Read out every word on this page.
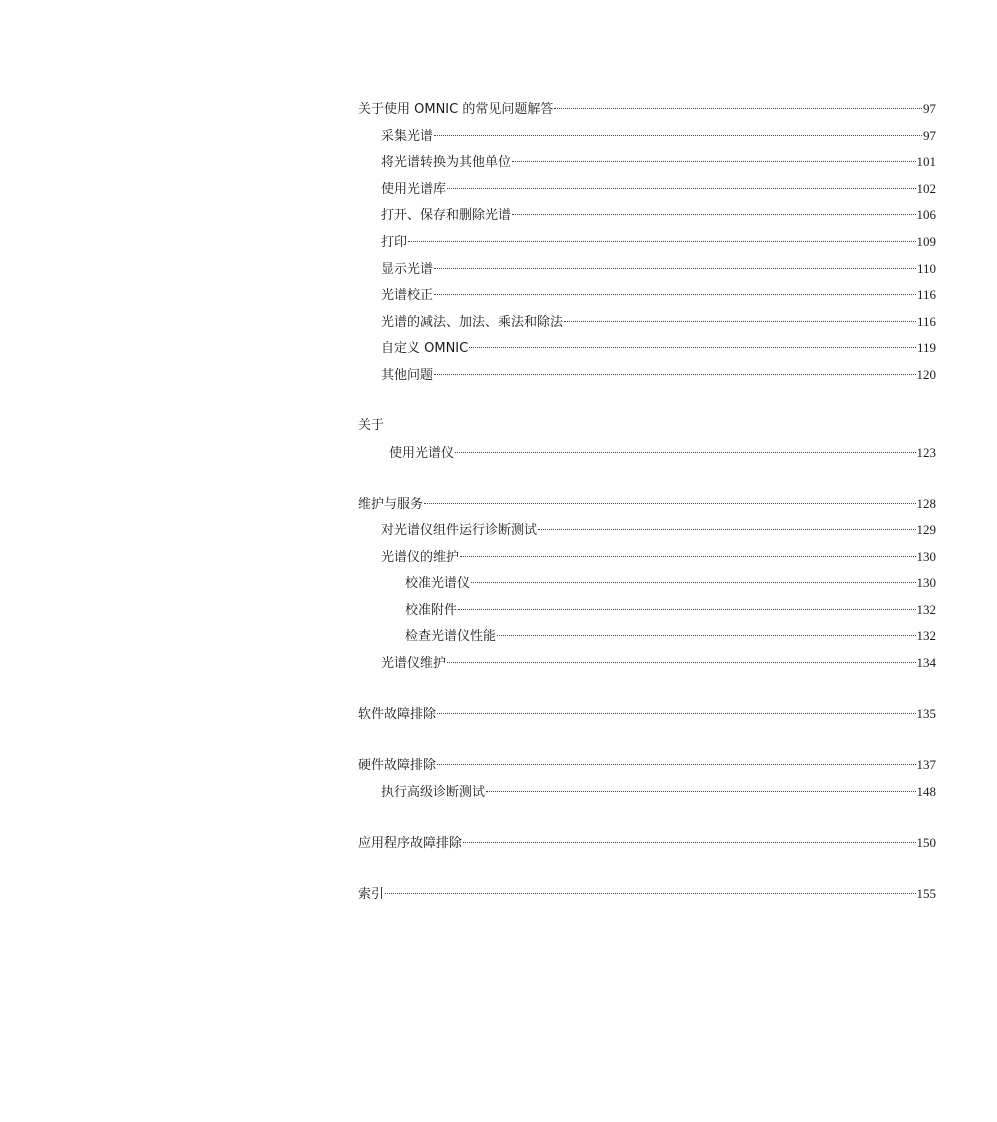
关于使用 OMNIC 的常见问题解答	97
采集光谱	97
将光谱转换为其他单位	101
使用光谱库	102
打开、保存和删除光谱	106
打印	109
显示光谱	110
光谱校正	116
光谱的减法、加法、乘法和除法	116
自定义 OMNIC	119
其他问题	120
关于
使用光谱仪	123
维护与服务	128
对光谱仪组件运行诊断测试	129
光谱仪的维护	130
校准光谱仪	130
校准附件	132
检查光谱仪性能	132
光谱仪维护	134
软件故障排除	135
硬件故障排除	137
执行高级诊断测试	148
应用程序故障排除	150
索引	155
